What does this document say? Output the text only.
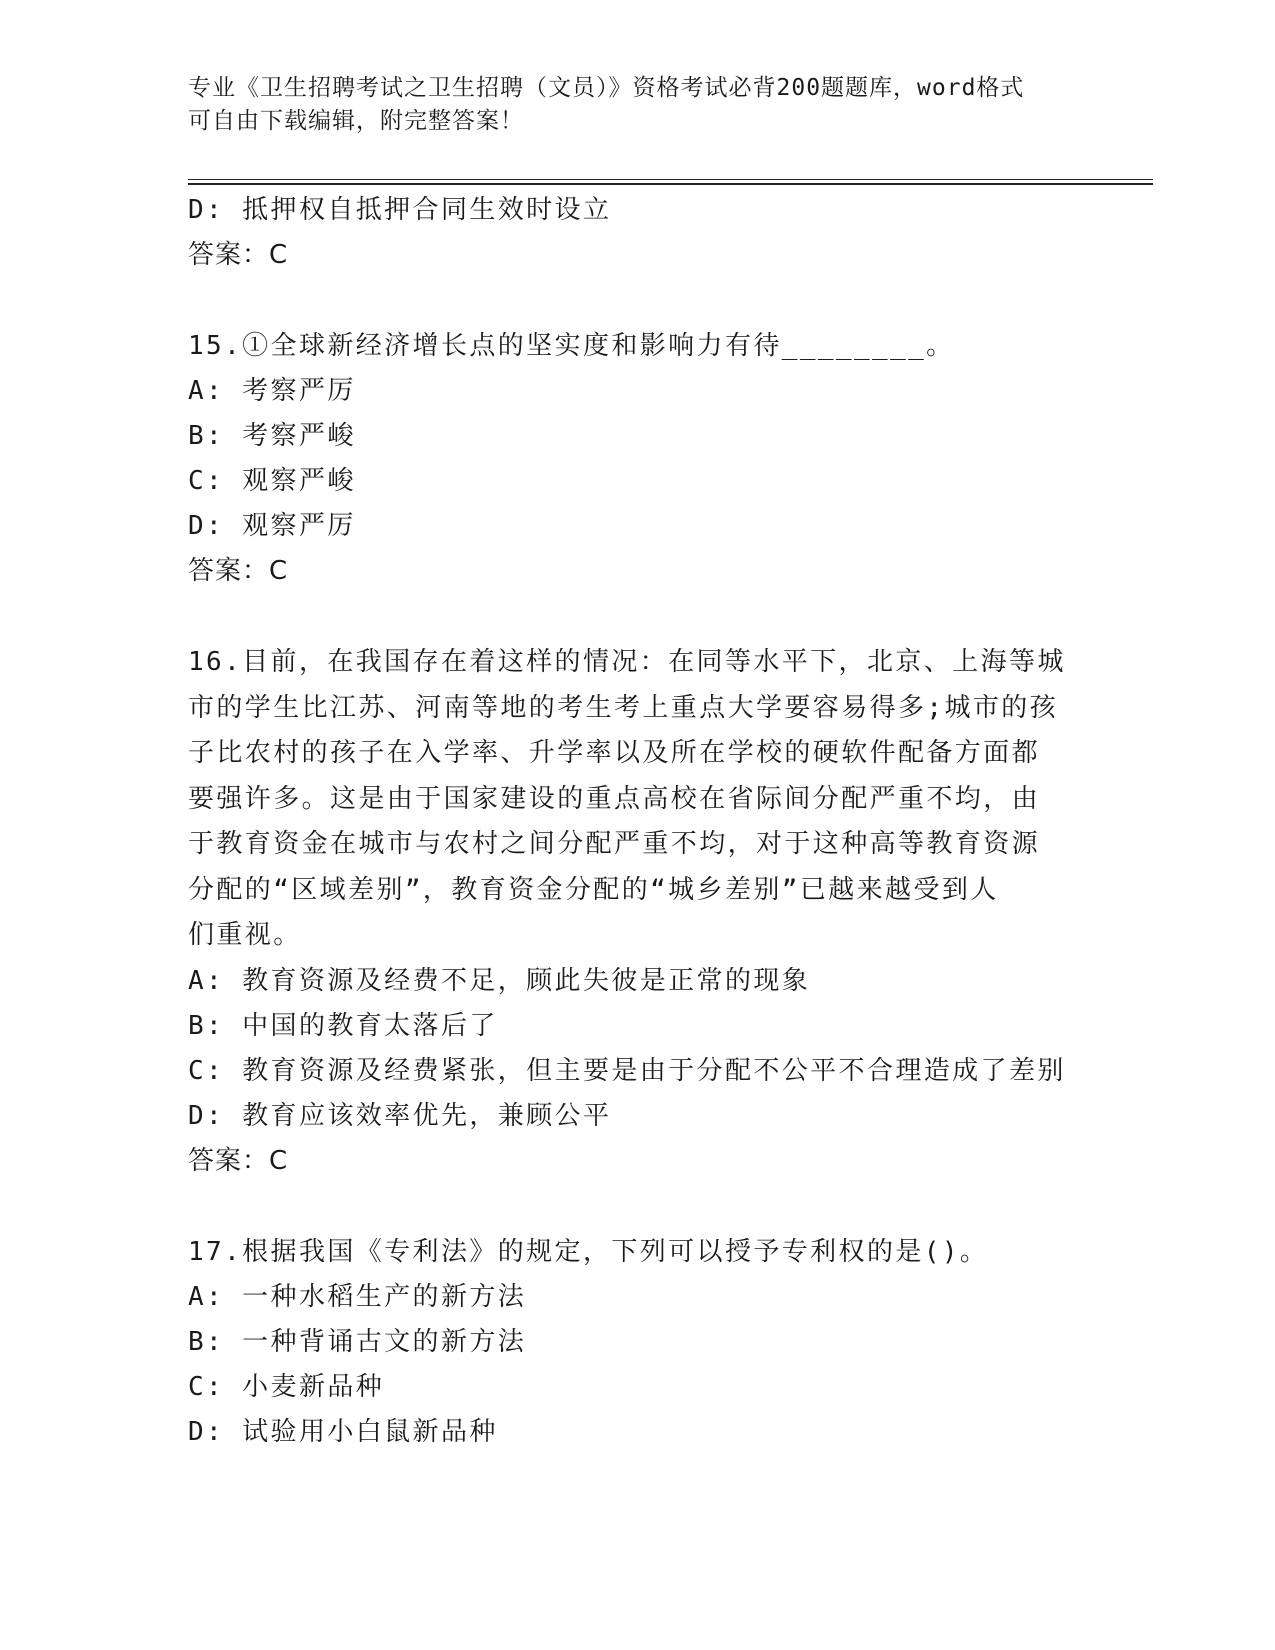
专业《卫生招聘考试之卫生招聘（文员）》资格考试必背200题题库，word格式
可自由下载编辑，附完整答案！
D: 抵押权自抵押合同生效时设立
答案：C
15.①全球新经济增长点的坚实度和影响力有待________。
A: 考察严厉
B: 考察严峻
C: 观察严峻
D: 观察严厉
答案：C
16.目前，在我国存在着这样的情况：在同等水平下，北京、上海等城
市的学生比江苏、河南等地的考生考上重点大学要容易得多;城市的孩
子比农村的孩子在入学率、升学率以及所在学校的硬软件配备方面都
要强许多。这是由于国家建设的重点高校在省际间分配严重不均，由
于教育资金在城市与农村之间分配严重不均，对于这种高等教育资源
分配的“区域差别”，教育资金分配的“城乡差别”已越来越受到人
们重视。
A: 教育资源及经费不足，顾此失彼是正常的现象
B: 中国的教育太落后了
C: 教育资源及经费紧张，但主要是由于分配不公平不合理造成了差别
D: 教育应该效率优先，兼顾公平
答案：C
17.根据我国《专利法》的规定，下列可以授予专利权的是()。
A: 一种水稻生产的新方法
B: 一种背诵古文的新方法
C: 小麦新品种
D: 试验用小白鼠新品种
